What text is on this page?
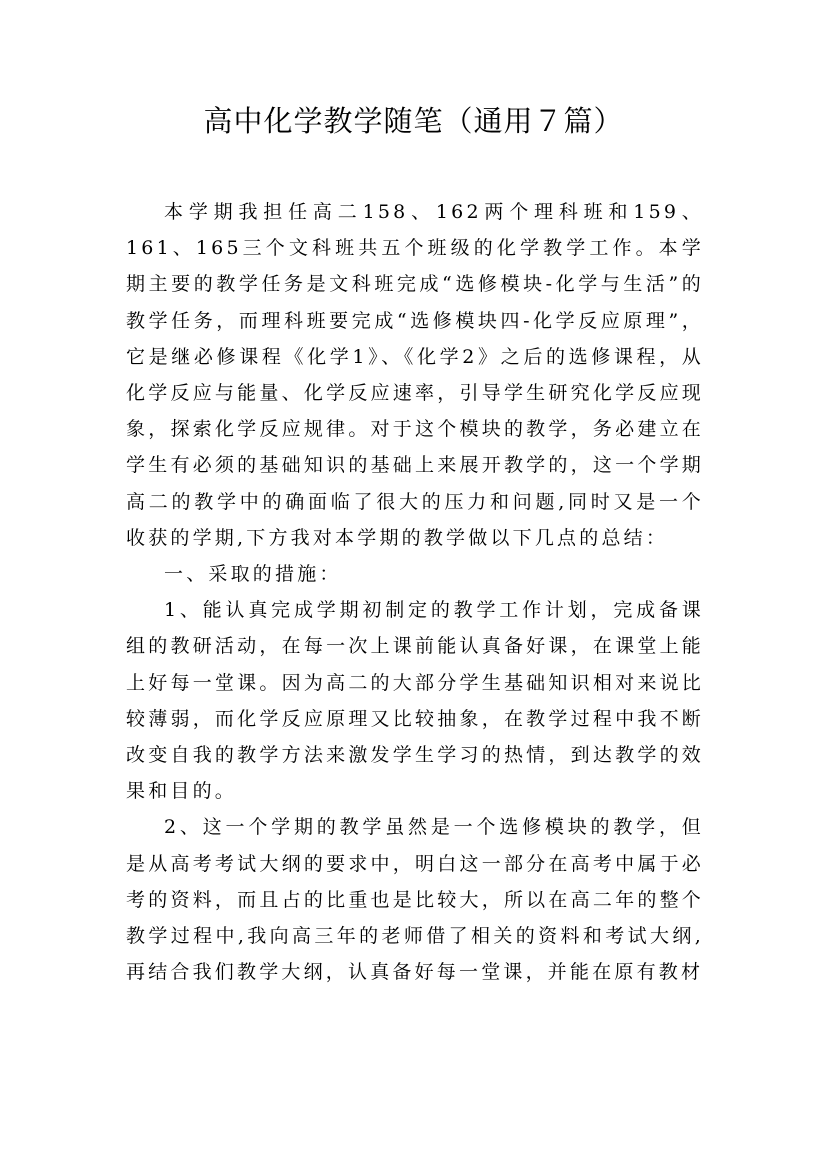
高中化学教学随笔（通用７篇）

本学期我担任高二158、162两个理科班和159、161、165三个文科班共五个班级的化学教学工作。本学期主要的教学任务是文科班完成“选修模块-化学与生活”的教学任务，而理科班要完成“选修模块四-化学反应原理”，它是继必修课程《化学1》、《化学2》之后的选修课程，从化学反应与能量、化学反应速率，引导学生研究化学反应现象，探索化学反应规律。对于这个模块的教学，务必建立在学生有必须的基础知识的基础上来展开教学的，这一个学期高二的教学中的确面临了很大的压力和问题,同时又是一个收获的学期,下方我对本学期的教学做以下几点的总结：

一、采取的措施：

1、能认真完成学期初制定的教学工作计划，完成备课组的教研活动，在每一次上课前能认真备好课，在课堂上能上好每一堂课。因为高二的大部分学生基础知识相对来说比较薄弱，而化学反应原理又比较抽象，在教学过程中我不断改变自我的教学方法来激发学生学习的热情，到达教学的效果和目的。

2、这一个学期的教学虽然是一个选修模块的教学，但是从高考考试大纲的要求中，明白这一部分在高考中属于必考的资料，而且占的比重也是比较大，所以在高二年的整个教学过程中,我向高三年的老师借了相关的资料和考试大纲,再结合我们教学大纲，认真备好每一堂课，并能在原有教材
